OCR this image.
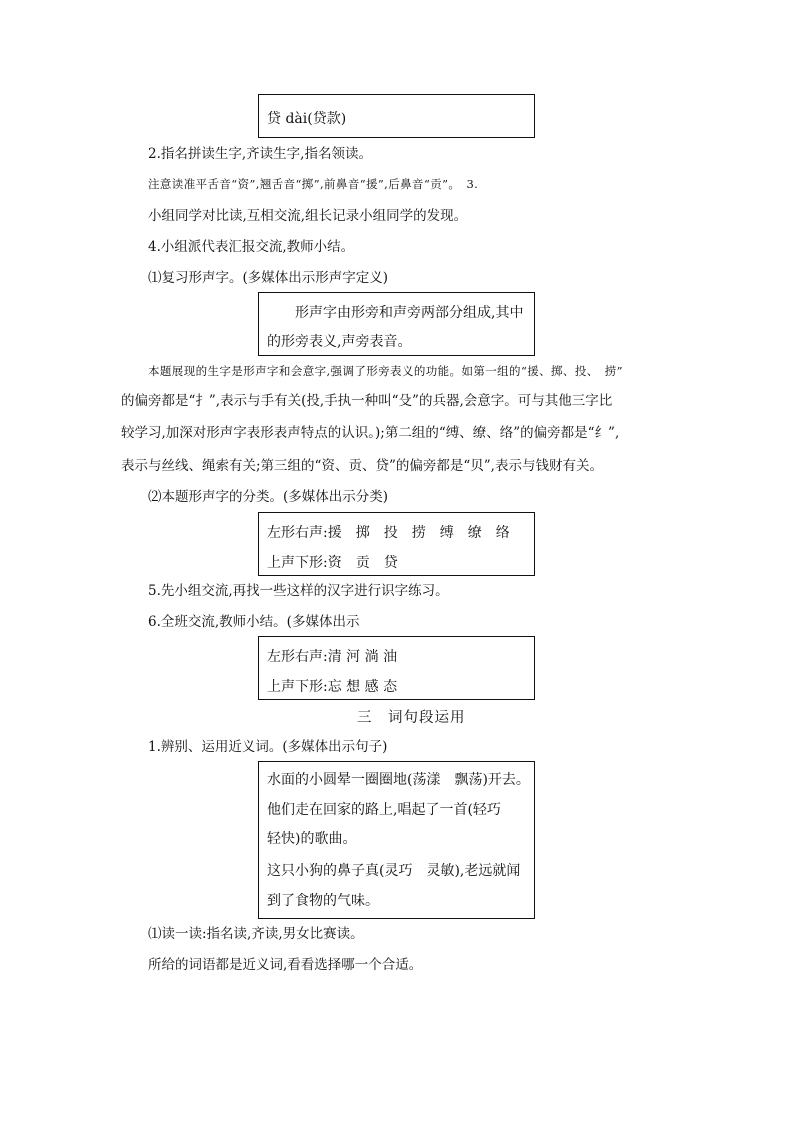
贷 dài(贷款)
2.指名拼读生字,齐读生字,指名领读。
注意读准平舌音“资”,翘舌音“掷”,前鼻音“援”,后鼻音“贡”。　3.
小组同学对比读,互相交流,组长记录小组同学的发现。
4.小组派代表汇报交流,教师小结。
⑴复习形声字。(多媒体出示形声字定义)
　　形声字由形旁和声旁两部分组成,其中
的形旁表义,声旁表音。
本题展现的生字是形声字和会意字,强调了形旁表义的功能。如第一组的“援、掷、投、　捞”
的偏旁都是“扌”,表示与手有关(投,手执一种叫“殳”的兵器,会意字。可与其他三字比
较学习,加深对形声字表形表声特点的认识。);第二组的“缚、缭、络”的偏旁都是“纟”,
表示与丝线、绳索有关;第三组的“资、贡、贷”的偏旁都是“贝”,表示与钱财有关。
⑵本题形声字的分类。(多媒体出示分类)
左形右声:援　掷　投　捞　缚　缭　络
上声下形:资　贡　贷
5.先小组交流,再找一些这样的汉字进行识字练习。
6.全班交流,教师小结。(多媒体出示
左形右声:清 河 淌 油
上声下形:忘 想 感 态
三　词句段运用
1.辨别、运用近义词。(多媒体出示句子)
水面的小圆晕一圈圈地(荡漾　飘荡)开去。
他们走在回家的路上,唱起了一首(轻巧
轻快)的歌曲。
这只小狗的鼻子真(灵巧　灵敏),老远就闻
到了食物的气味。
⑴读一读:指名读,齐读,男女比赛读。
所给的词语都是近义词,看看选择哪一个合适。
